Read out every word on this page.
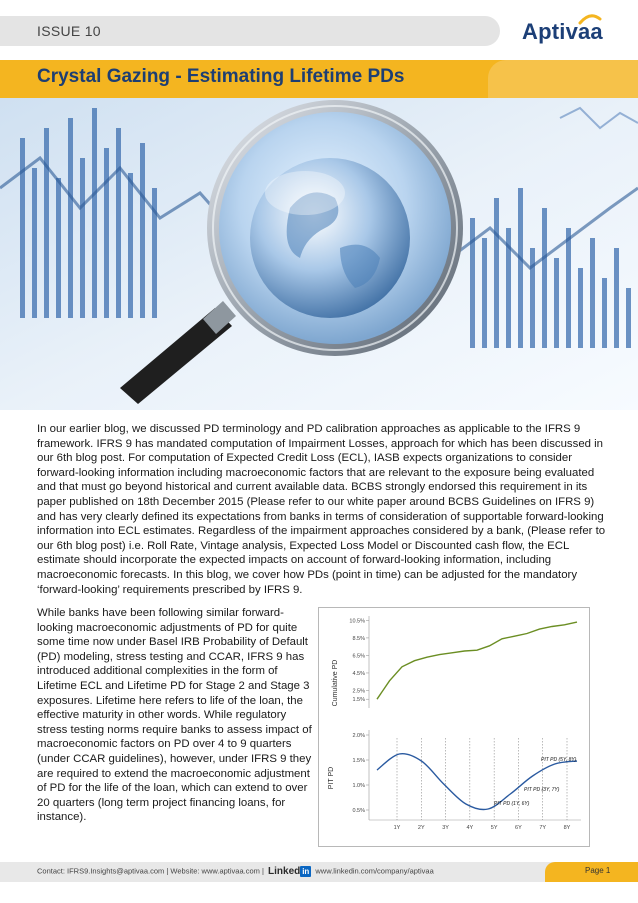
ISSUE 10	Aptivaa
Crystal Gazing - Estimating Lifetime PDs

In our earlier blog, we discussed PD terminology and PD calibration approaches as applicable to the IFRS 9 framework. IFRS 9 has mandated computation of Impairment Losses, approach for which has been discussed in our 6th blog post. For computation of Expected Credit Loss (ECL), IASB expects organizations to consider forward-looking information including macroeconomic factors that are relevant to the exposure being evaluated and that must go beyond historical and current available data. BCBS strongly endorsed this requirement in its paper published on 18th December 2015 (Please refer to our white paper around BCBS Guidelines on IFRS 9) and has very clearly defined its expectations from banks in terms of consideration of supportable forward-looking information into ECL estimates. Regardless of the impairment approaches considered by a bank, (Please refer to our 6th blog post) i.e. Roll Rate, Vintage analysis, Expected Loss Model or Discounted cash flow, the ECL estimate should incorporate the expected impacts on account of forward-looking information, including macroeconomic forecasts. In this blog, we cover how PDs (point in time) can be adjusted for the mandatory ‘forward-looking’ requirements prescribed by IFRS 9.

While banks have been following similar forward-looking macroeconomic adjustments of PD for quite some time now under Basel IRB Probability of Default (PD) modeling, stress testing and CCAR, IFRS 9 has introduced additional complexities in the form of Lifetime ECL and Lifetime PD for Stage 2 and Stage 3 exposures. Lifetime here refers to life of the loan, the effective maturity in other words. While regulatory stress testing norms require banks to assess impact of macroeconomic factors on PD over 4 to 9 quarters (under CCAR guidelines), however, under IFRS 9 they are required to extend the macroeconomic adjustment of PD for the life of the loan, which can extend to over 20 quarters (long term project financing loans, for instance).

Cumulative PD
10.5%
8.5%
6.5%
4.5%
2.5%
1.5%
PIT PD
2.0%
1.5%
1.0%
0.5%
1Y	2Y	3Y	4Y	5Y	6Y	7Y	8Y
PIT PD (5Y, 8Y)
PIT PD (3Y, 7Y)
PIT PD (1Y, 6Y)
Contact: IFRS9.Insights@aptivaa.com | Website: www.aptivaa.com | Linked in www.linkedin.com/company/aptivaa	Page 1
